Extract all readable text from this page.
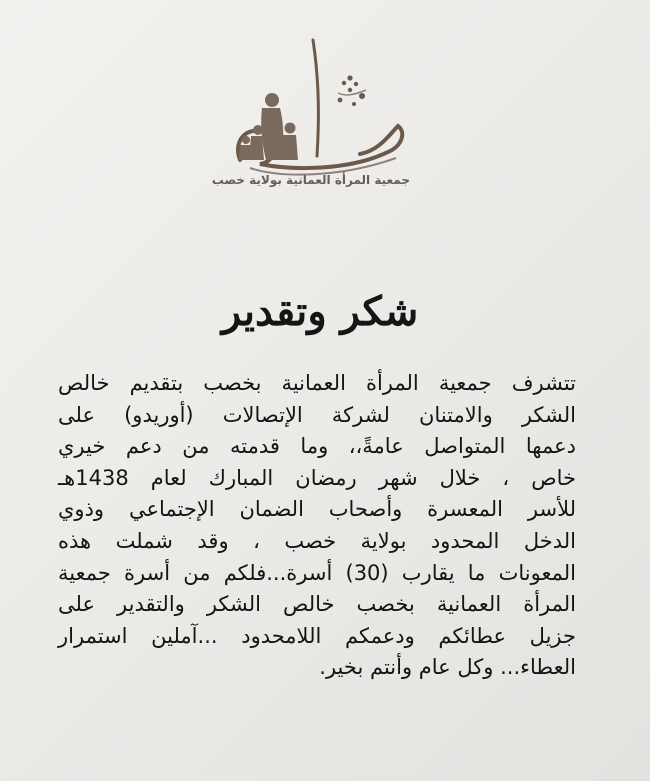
جمعية المرأة العمانية بولاية خصب
شكر وتقدير
تتشرف جمعية المرأة العمانية بخصب بتقديم خالص
الشكر والامتنان لشركة الإتصالات (أوريدو) على
دعمها المتواصل عامةً،، وما قدمته من دعم خيري
خاص ، خلال شهر رمضان المبارك لعام 1438هـ
للأسر المعسرة وأصحاب الضمان الإجتماعي وذوي
الدخل المحدود بولاية خصب ، وقد شملت هذه
المعونات ما يقارب (30) أسرة...فلكم من أسرة جمعية
المرأة العمانية بخصب خالص الشكر والتقدير على
جزيل عطائكم ودعمكم اللامحدود ...آملين استمرار
العطاء... وكل عام وأنتم بخير.
